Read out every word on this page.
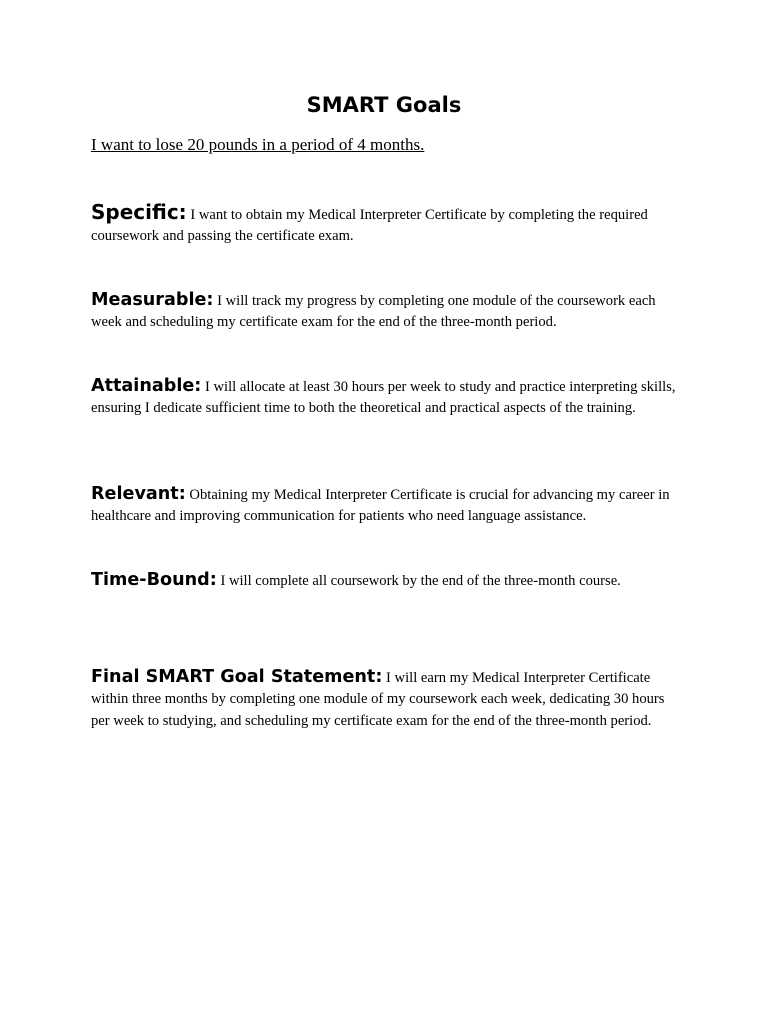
SMART Goals

I want to lose 20 pounds in a period of 4 months.

Specific: I want to obtain my Medical Interpreter Certificate by completing the required coursework and passing the certificate exam.

Measurable: I will track my progress by completing one module of the coursework each week and scheduling my certificate exam for the end of the three-month period.

Attainable: I will allocate at least 30 hours per week to study and practice interpreting skills, ensuring I dedicate sufficient time to both the theoretical and practical aspects of the training.

Relevant: Obtaining my Medical Interpreter Certificate is crucial for advancing my career in healthcare and improving communication for patients who need language assistance.

Time-Bound: I will complete all coursework by the end of the three-month course.

Final SMART Goal Statement: I will earn my Medical Interpreter Certificate within three months by completing one module of my coursework each week, dedicating 30 hours per week to studying, and scheduling my certificate exam for the end of the three-month period.
